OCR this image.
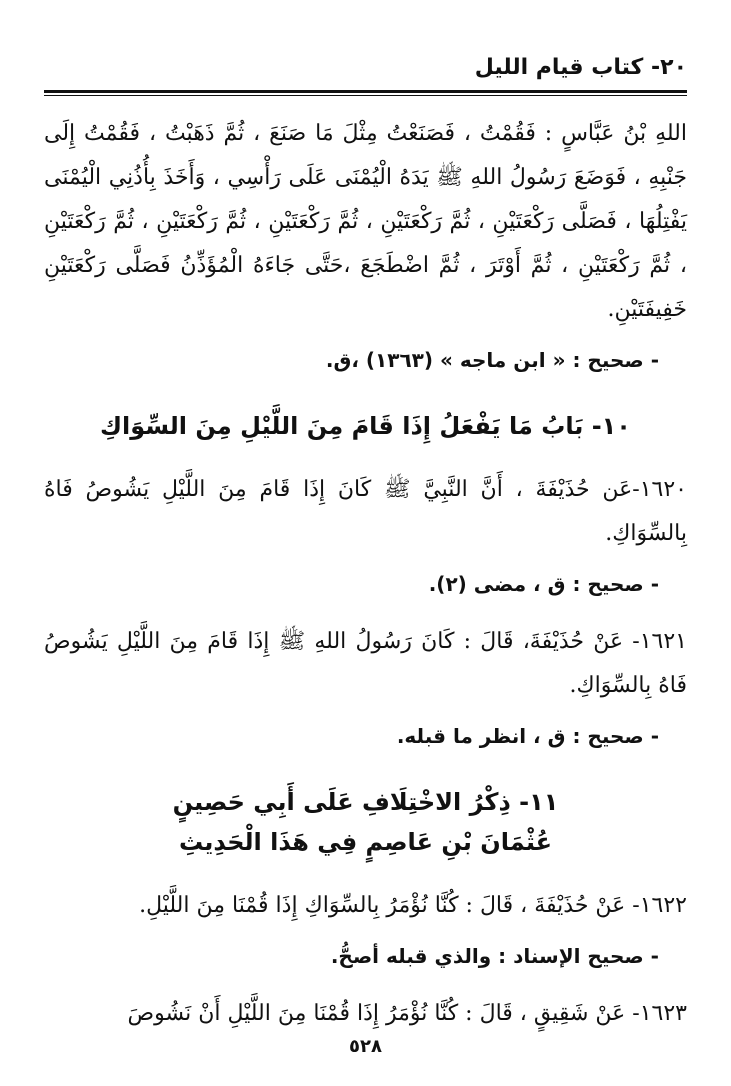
٢٠- كتاب قيام الليل

اللهِ بْنُ عَبَّاسٍ : فَقُمْتُ ، فَصَنَعْتُ مِثْلَ مَا صَنَعَ ، ثُمَّ ذَهَبْتُ ، فَقُمْتُ إِلَى جَنْبِهِ ، فَوَضَعَ رَسُولُ اللهِ ﷺ يَدَهُ الْيُمْنَى عَلَى رَأْسِي ، وَأَخَذَ بِأُذُنِي الْيُمْنَى يَفْتِلُهَا ، فَصَلَّى رَكْعَتَيْنِ ، ثُمَّ رَكْعَتَيْنِ ، ثُمَّ رَكْعَتَيْنِ ، ثُمَّ رَكْعَتَيْنِ ، ثُمَّ رَكْعَتَيْنِ ، ثُمَّ رَكْعَتَيْنِ ، ثُمَّ أَوْتَرَ ، ثُمَّ اضْطَجَعَ ،حَتَّى جَاءَهُ الْمُؤَذِّنُ فَصَلَّى رَكْعَتَيْنِ خَفِيفَتَيْنِ.

- صحيح : « ابن ماجه » (١٣٦٣) ،ق.

١٠- بَابُ مَا يَفْعَلُ إِذَا قَامَ مِنَ اللَّيْلِ مِنَ السِّوَاكِ

١٦٢٠-عَن حُذَيْفَةَ ، أَنَّ النَّبِيَّ ﷺ كَانَ إِذَا قَامَ مِنَ اللَّيْلِ يَشُوصُ فَاهُ بِالسِّوَاكِ.

- صحيح : ق ، مضى (٢).

١٦٢١- عَنْ حُذَيْفَةَ، قَالَ : كَانَ رَسُولُ اللهِ ﷺ إِذَا قَامَ مِنَ اللَّيْلِ يَشُوصُ فَاهُ بِالسِّوَاكِ.

- صحيح : ق ، انظر ما قبله.

١١- ذِكْرُ الاخْتِلَافِ عَلَى أَبِي حَصِينٍ
عُثْمَانَ بْنِ عَاصِمٍ فِي هَذَا الْحَدِيثِ

١٦٢٢- عَنْ حُذَيْفَةَ ، قَالَ : كُنَّا نُؤْمَرُ بِالسِّوَاكِ إِذَا قُمْنَا مِنَ اللَّيْلِ.

- صحيح الإسناد : والذي قبله أصحُّ.

١٦٢٣- عَنْ شَقِيقٍ ، قَالَ : كُنَّا نُؤْمَرُ إِذَا قُمْنَا مِنَ اللَّيْلِ أَنْ نَشُوصَ

٥٢٨
